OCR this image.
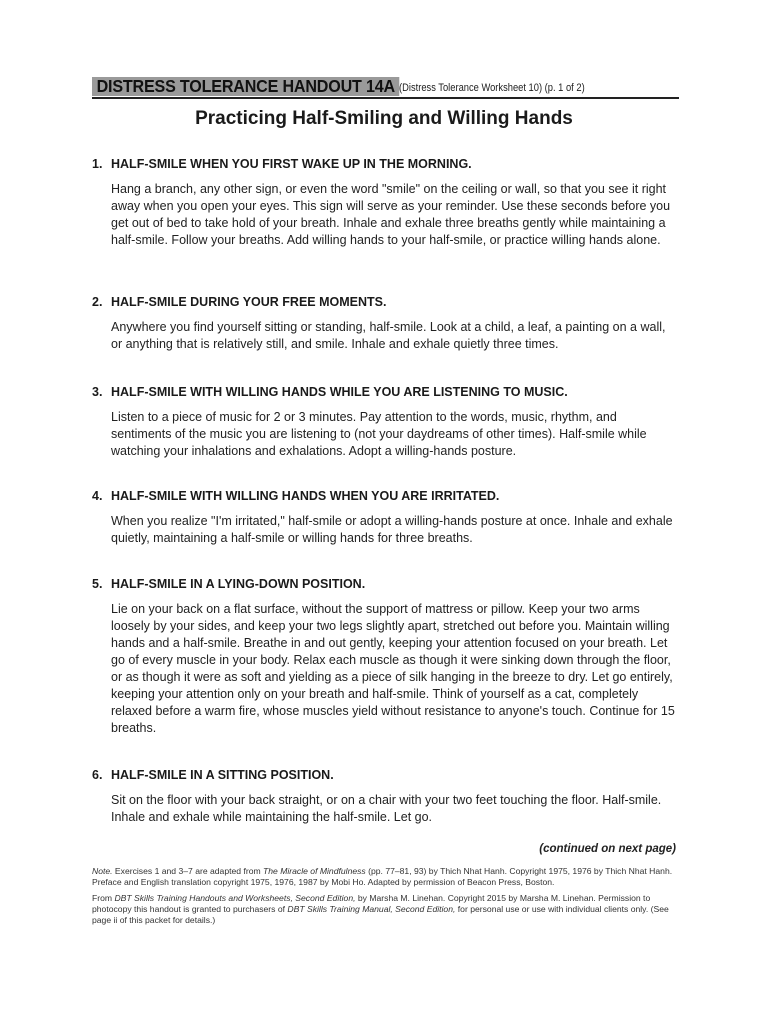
DISTRESS TOLERANCE HANDOUT 14A (Distress Tolerance Worksheet 10) (p. 1 of 2)
Practicing Half-Smiling and Willing Hands
1. HALF-SMILE WHEN YOU FIRST WAKE UP IN THE MORNING.
Hang a branch, any other sign, or even the word "smile" on the ceiling or wall, so that you see it right away when you open your eyes. This sign will serve as your reminder. Use these seconds before you get out of bed to take hold of your breath. Inhale and exhale three breaths gently while maintaining a half-smile. Follow your breaths. Add willing hands to your half-smile, or practice willing hands alone.
2. HALF-SMILE DURING YOUR FREE MOMENTS.
Anywhere you find yourself sitting or standing, half-smile. Look at a child, a leaf, a painting on a wall, or anything that is relatively still, and smile. Inhale and exhale quietly three times.
3. HALF-SMILE WITH WILLING HANDS WHILE YOU ARE LISTENING TO MUSIC.
Listen to a piece of music for 2 or 3 minutes. Pay attention to the words, music, rhythm, and sentiments of the music you are listening to (not your daydreams of other times). Half-smile while watching your inhalations and exhalations. Adopt a willing-hands posture.
4. HALF-SMILE WITH WILLING HANDS WHEN YOU ARE IRRITATED.
When you realize "I'm irritated," half-smile or adopt a willing-hands posture at once. Inhale and exhale quietly, maintaining a half-smile or willing hands for three breaths.
5. HALF-SMILE IN A LYING-DOWN POSITION.
Lie on your back on a flat surface, without the support of mattress or pillow. Keep your two arms loosely by your sides, and keep your two legs slightly apart, stretched out before you. Maintain willing hands and a half-smile. Breathe in and out gently, keeping your attention focused on your breath. Let go of every muscle in your body. Relax each muscle as though it were sinking down through the floor, or as though it were as soft and yielding as a piece of silk hanging in the breeze to dry. Let go entirely, keeping your attention only on your breath and half-smile. Think of yourself as a cat, completely relaxed before a warm fire, whose muscles yield without resistance to anyone's touch. Continue for 15 breaths.
6. HALF-SMILE IN A SITTING POSITION.
Sit on the floor with your back straight, or on a chair with your two feet touching the floor. Half-smile. Inhale and exhale while maintaining the half-smile. Let go.
(continued on next page)
Note. Exercises 1 and 3–7 are adapted from The Miracle of Mindfulness (pp. 77–81, 93) by Thich Nhat Hanh. Copyright 1975, 1976 by Thich Nhat Hanh. Preface and English translation copyright 1975, 1976, 1987 by Mobi Ho. Adapted by permission of Beacon Press, Boston.
From DBT Skills Training Handouts and Worksheets, Second Edition, by Marsha M. Linehan. Copyright 2015 by Marsha M. Linehan. Permission to photocopy this handout is granted to purchasers of DBT Skills Training Manual, Second Edition, for personal use or use with individual clients only. (See page ii of this packet for details.)
